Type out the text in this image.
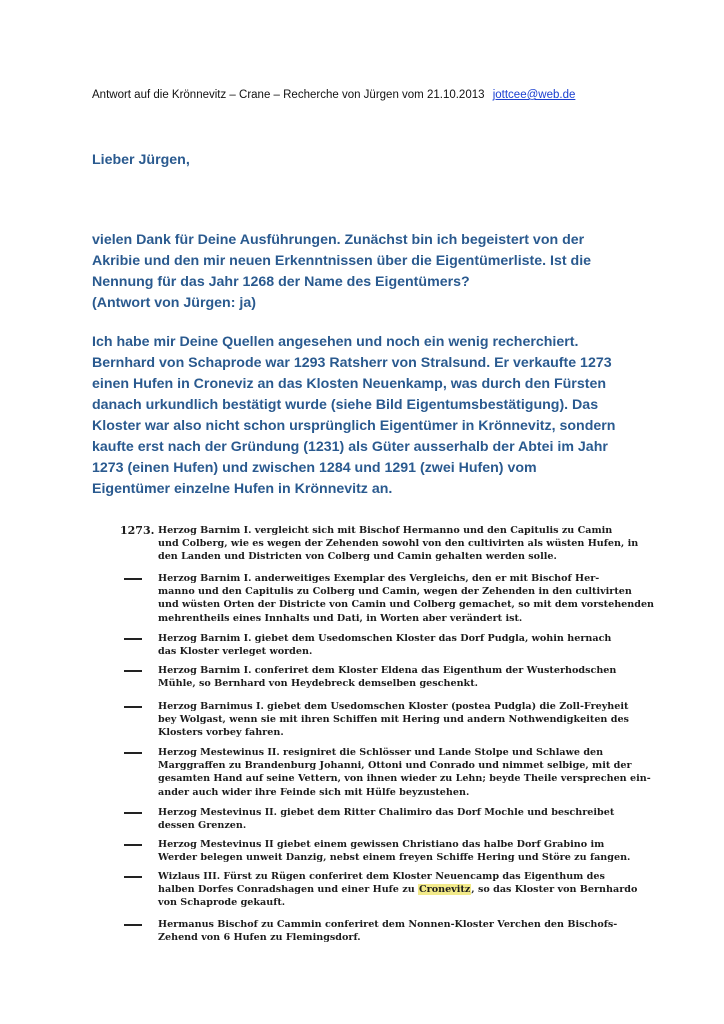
Antwort auf die Krönnevitz – Crane – Recherche von Jürgen vom 21.10.2013 jottcee@web.de
Lieber Jürgen,
vielen Dank für Deine Ausführungen. Zunächst bin ich begeistert von der
Akribie und den mir neuen Erkenntnissen über die Eigentümerliste. Ist die
Nennung für das Jahr 1268 der Name des Eigentümers?
(Antwort von Jürgen: ja)
Ich habe mir Deine Quellen angesehen und noch ein wenig recherchiert.
Bernhard von Schaprode war 1293 Ratsherr von Stralsund. Er verkaufte 1273
einen Hufen in Croneviz an das Klosten Neuenkamp, was durch den Fürsten
danach urkundlich bestätigt wurde (siehe Bild Eigentumsbestätigung). Das
Kloster war also nicht schon ursprünglich Eigentümer in Krönnevitz, sondern
kaufte erst nach der Gründung (1231) als Güter ausserhalb der Abtei im Jahr
1273 (einen Hufen) und zwischen 1284 und 1291 (zwei Hufen) vom
Eigentümer einzelne Hufen in Krönnevitz an.
1273. Herzog Barnim I. vergleicht sich mit Bischof Hermanno und den Capitulis zu Camin
und Colberg, wie es wegen der Zehenden sowohl von den cultivirten als wüsten Hufen, in
den Landen und Districten von Colberg und Camin gehalten werden solle.
Herzog Barnim I. anderweitiges Exemplar des Vergleichs, den er mit Bischof Her-
manno und den Capitulis zu Colberg und Camin, wegen der Zehenden in den cultivirten
und wüsten Orten der Districte von Camin und Colberg gemachet, so mit dem vorstehenden
mehrentheils eines Innhalts und Dati, in Worten aber verändert ist.
Herzog Barnim I. giebet dem Usedomschen Kloster das Dorf Pudgla, wohin hernach
das Kloster verleget worden.
Herzog Barnim I. conferiret dem Kloster Eldena das Eigenthum der Wusterhodschen
Mühle, so Bernhard von Heydebreck demselben geschenkt.
Herzog Barnimus I. giebet dem Usedomschen Kloster (postea Pudgla) die Zoll-Freyheit
bey Wolgast, wenn sie mit ihren Schiffen mit Hering und andern Nothwendigkeiten des
Klosters vorbey fahren.
Herzog Mestewinus II. resigniret die Schlösser und Lande Stolpe und Schlawe den
Marggraffen zu Brandenburg Johanni, Ottoni und Conrado und nimmet selbige, mit der
gesamten Hand auf seine Vettern, von ihnen wieder zu Lehn; beyde Theile versprechen ein-
ander auch wider ihre Feinde sich mit Hülfe beyzustehen.
Herzog Mestevinus II. giebet dem Ritter Chalimiro das Dorf Mochle und beschreibet
dessen Grenzen.
Herzog Mestevinus II giebet einem gewissen Christiano das halbe Dorf Grabino im
Werder belegen unweit Danzig, nebst einem freyen Schiffe Hering und Störe zu fangen.
Wizlaus III. Fürst zu Rügen conferiret dem Kloster Neuencamp das Eigenthum des
halben Dorfes Conradshagen und einer Hufe zu Cronevitz, so das Kloster von Bernhardo
von Schaprode gekauft.
Hermanus Bischof zu Cammin conferiret dem Nonnen-Kloster Verchen den Bischofs-
Zehend von 6 Hufen zu Flemingsdorf.
